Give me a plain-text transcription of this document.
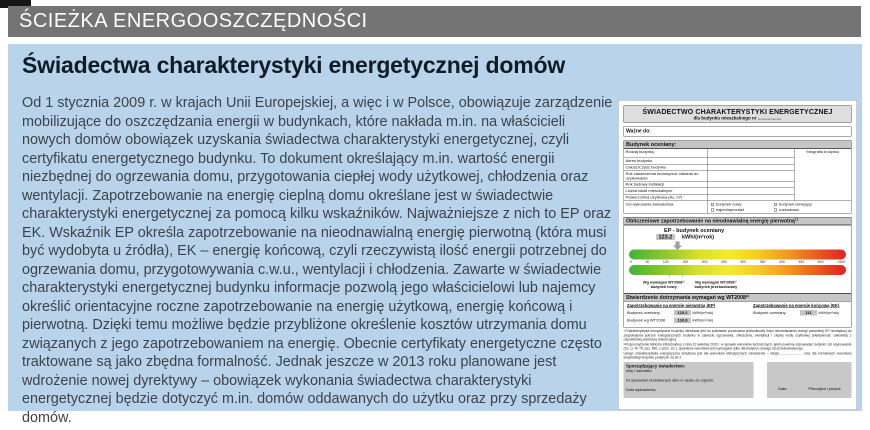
ŚCIEŻKA ENERGOOSZCZĘDNOŚCI
Świadectwa charakterystyki energetycznej domów

Od 1 stycznia 2009 r. w krajach Unii Europejskiej, a więc i w Polsce, obowiązuje zarządzenie mobilizujące do oszczędzania energii w budynkach, które nakłada m.in. na właścicieli nowych domów obowiązek uzyskania świadectwa charakterystyki energetycznej, czyli certyfikatu energetycznego budynku. To dokument określający m.in. wartość energii niezbędnej do ogrzewania domu, przygotowania ciepłej wody użytkowej, chłodzenia oraz wentylacji. Zapotrzebowanie na energię cieplną domu określane jest w świadectwie charakterystyki energetycznej za pomocą kilku wskaźników. Najważniejsze z nich to EP oraz EK. Wskaźnik EP określa zapotrzebowanie na nieodnawialną energię pierwotną (która musi być wydobyta u źródła), EK – energię końcową, czyli rzeczywistą ilość energii potrzebnej do ogrzewania domu, przygotowywania c.w.u., wentylacji i chłodzenia. Zawarte w świadectwie charakterystyki energetycznej budynku informacje pozwolą jego właścicielowi lub najemcy określić orientacyjne roczne zapotrzebowanie na energię użytkową, energię końcową i pierwotną. Dzięki temu możliwe będzie przybliżone określenie kosztów utrzymania domu związanych z jego zapotrzebowaniem na energię. Obecnie certyfikaty energetyczne często traktowane są jako zbędna formalność. Jednak jeszcze w 2013 roku planowane jest wdrożenie nowej dyrektywy – obowiązek wykonania świadectwa charakterystyki energetycznej będzie dotyczyć m.in. domów oddawanych do użytku oraz przy sprzedaży domów.

ŚWIADECTWO CHARAKTERYSTYKI ENERGETYCZNEJ
dla budynku mieszkalnego nr ...................
Ważne do:
Budynek oceniany:
Rodzaj budynku		fotografia budynku
Adres budynku		
Całość/Część budynku		
Rok zakończenia budowy/rok oddania do użytkowania		
Rok budowy instalacji		
Liczba lokali mieszkalnych		
Powierzchnia użytkowa (Ac, m²)		
Cel wykonania świadectwa	budynek nowy	budynek istniejący
najem/sprzedaż	rozbudowa
Obliczeniowe zapotrzebowanie na nieodnawialną energię pierwotną¹⁾
EP - budynek oceniany
123.2 kWh/(m²rok)
0 50 100 150 200 250 300 350 400 450 500 >500
↑ ↑
Wg wymagań WT2008¹⁾
budynek nowy
Wg wymagań WT2008¹⁾
budynek przebudowany
Stwierdzenie dotrzymania wymagań wg WT2008²⁾
Zapotrzebowanie na energię pierwotną (EP)
Budynek oceniany	123.2 kWh/(m²rok)
Budynek wg WT2008	130.8 kWh/(m²rok)
Zapotrzebowanie na energię końcową (EK)
Budynek oceniany	111 kWh/(m²rok)
¹⁾Charakterystyka energetyczna budynku określana jest na podstawie porównania jednostkowej ilości nieodnawialnej energii pierwotnej EP niezbędnej do zaspokojenia potrzeb energetycznych budynku w zakresie ogrzewania, chłodzenia, wentylacji i ciepłej wody użytkowej (efektywność całkowita) z odpowiednią wartością referencyjną.
²⁾Rozporządzenie Ministra Infrastruktury z dnia 12 kwietnia 2002 r. w sprawie warunków technicznych, jakim powinny odpowiadać budynki i ich usytuowanie (Dz. U. Nr 75, poz. 690, z późn. zm.), spełnienie warunków jest wymagane tylko dla budynku nowego lub przebudowanego.
Uwagi: charakterystyka energetyczna określana jest dla warunków klimatycznych odniesienia – stacja ........................ oraz dla normalnych warunków eksploatacji budynku podanych na str 2.
Sporządzający świadectwo:
Imię i nazwisko:
Nr uprawnień budowlanych albo nr wpisu do rejestru:
Data wystawienia:	Data	Pieczątka i podpis
